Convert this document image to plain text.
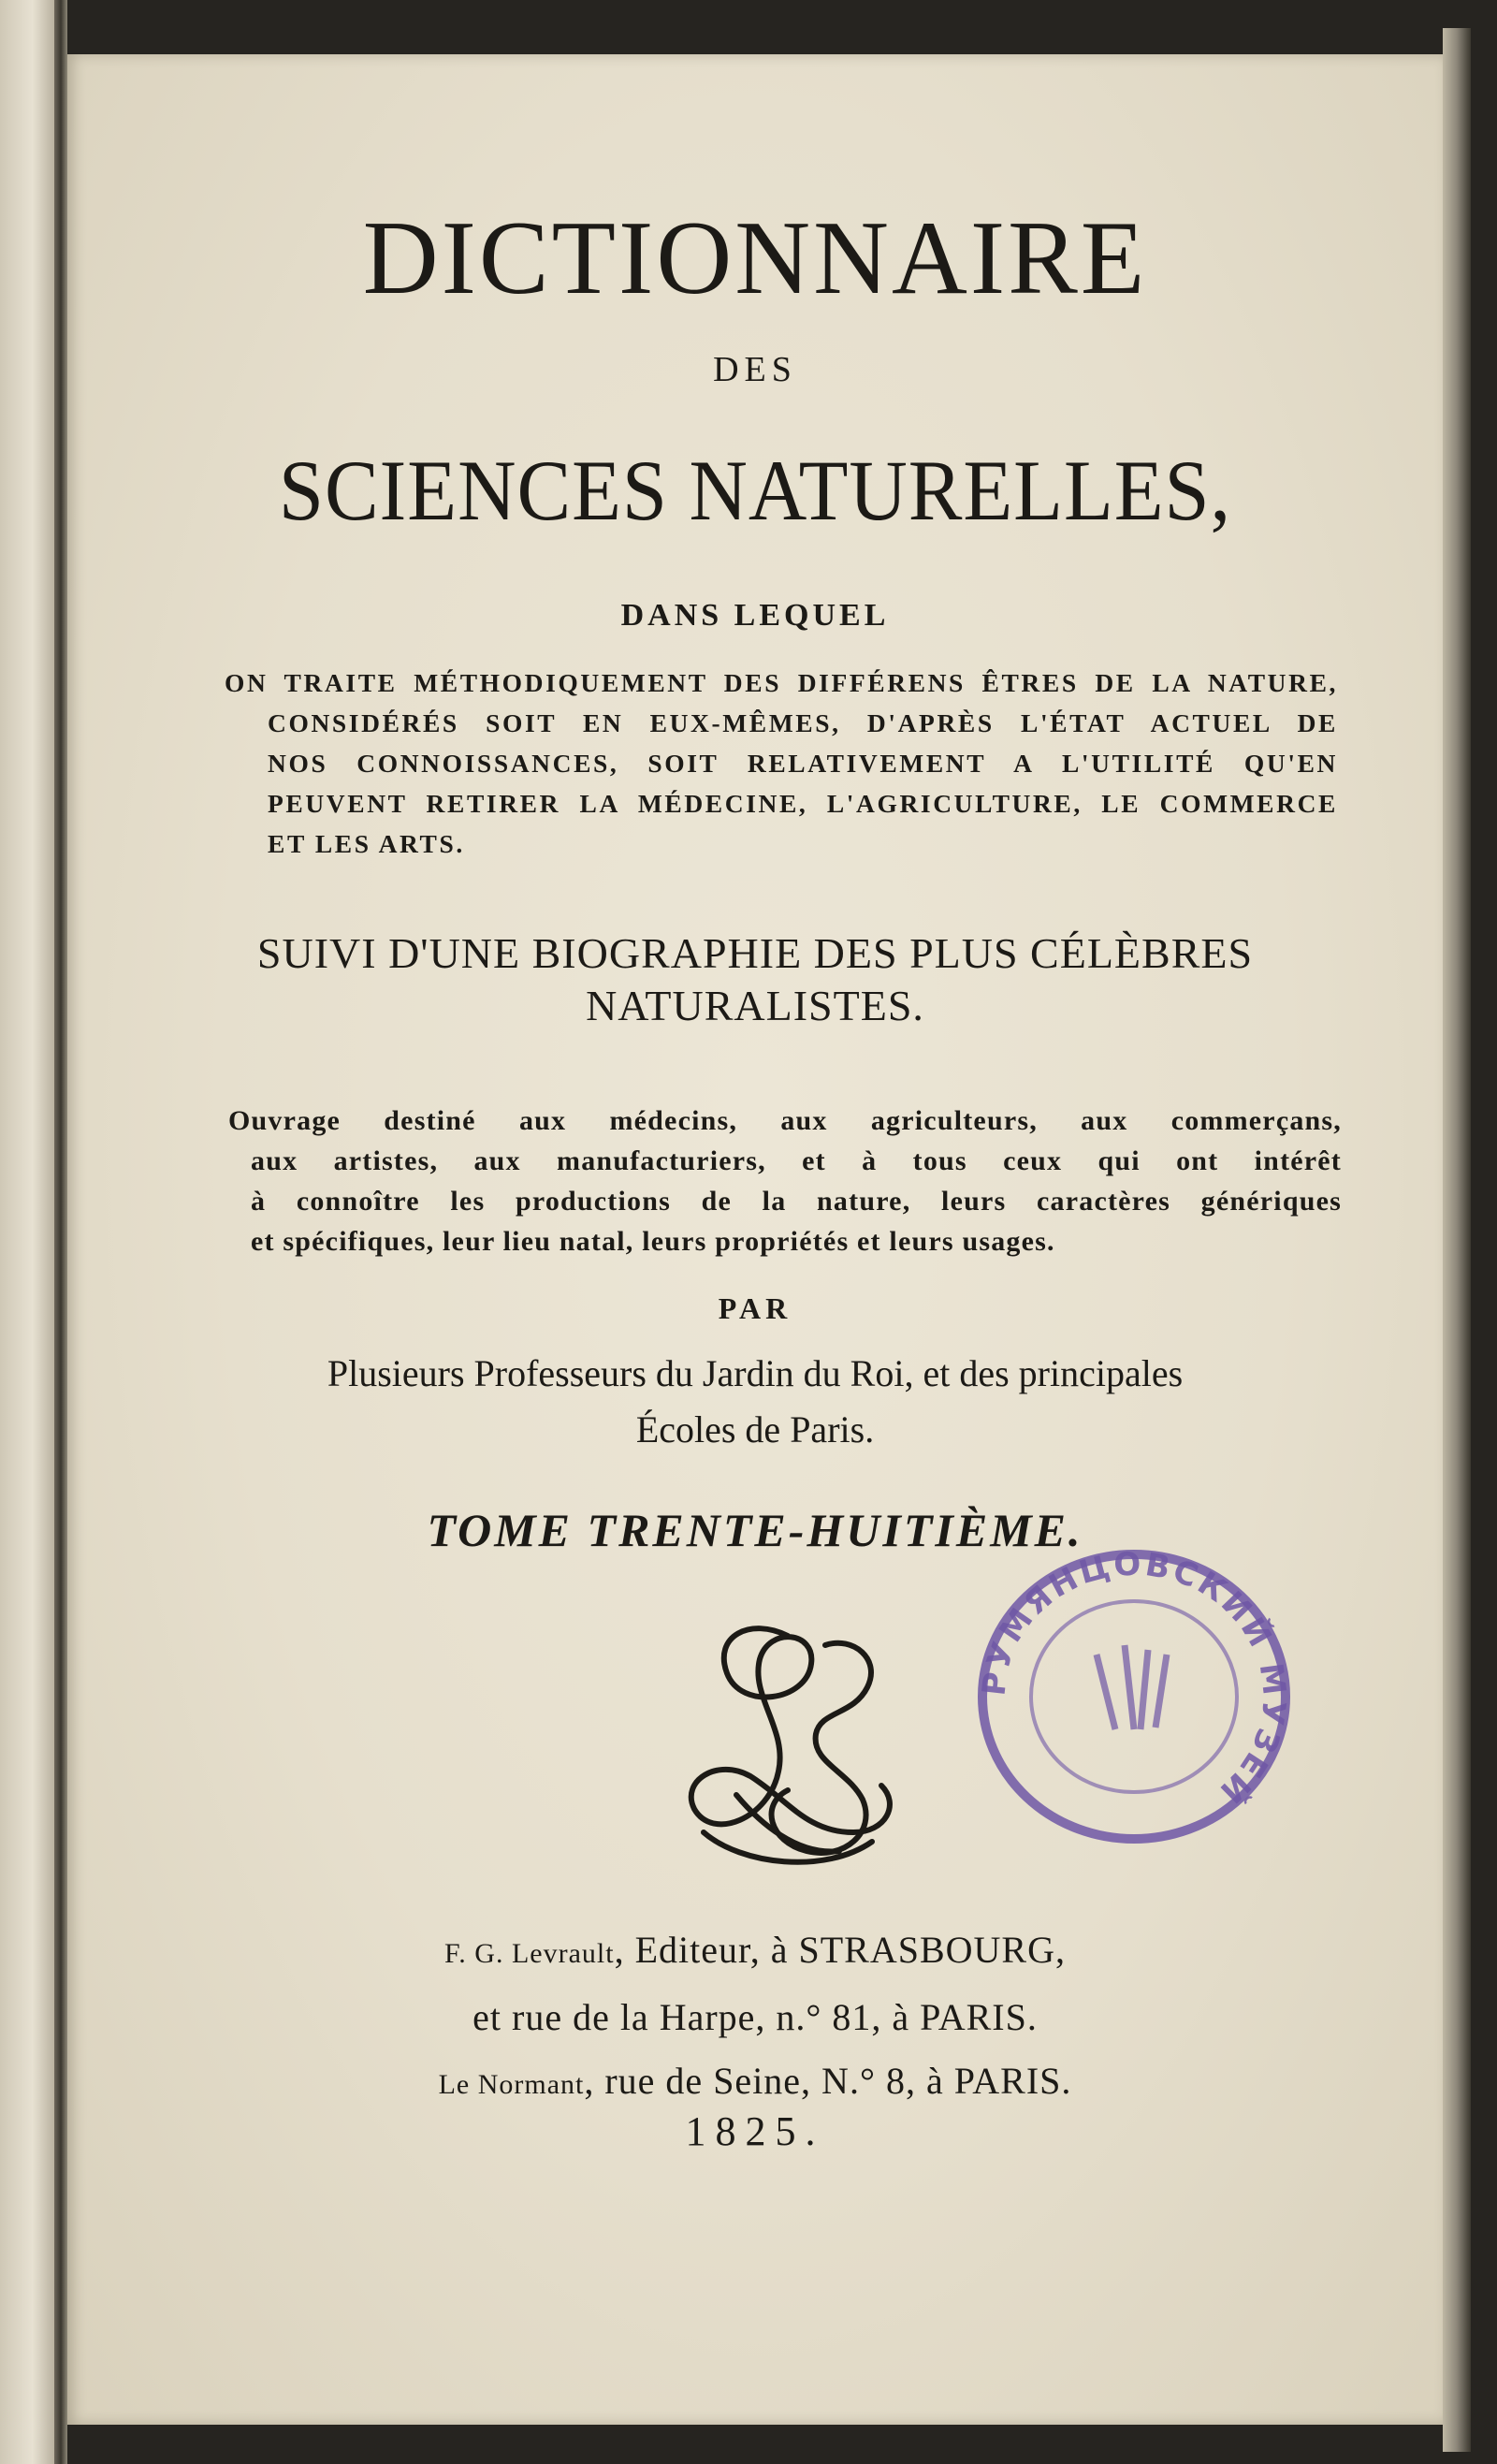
DICTIONNAIRE
DES
SCIENCES NATURELLES,
DANS LEQUEL
ON TRAITE MÉTHODIQUEMENT DES DIFFÉRENS ÊTRES DE LA NATURE,
CONSIDÉRÉS SOIT EN EUX-MÊMES, D'APRÈS L'ÉTAT ACTUEL DE
NOS CONNOISSANCES, SOIT RELATIVEMENT A L'UTILITÉ QU'EN
PEUVENT RETIRER LA MÉDECINE, L'AGRICULTURE, LE COMMERCE
ET LES ARTS.
SUIVI D'UNE BIOGRAPHIE DES PLUS CÉLÈBRES
NATURALISTES.
Ouvrage destiné aux médecins, aux agriculteurs, aux commerçans,
aux artistes, aux manufacturiers, et à tous ceux qui ont intérêt
à connoître les productions de la nature, leurs caractères génériques
et spécifiques, leur lieu natal, leurs propriétés et leurs usages.
PAR
Plusieurs Professeurs du Jardin du Roi, et des principales
Écoles de Paris.
TOME TRENTE-HUITIÈME.
РУМЯНЦОВСКИЙ МУЗЕЙ
F. G. Levrault, Editeur, à STRASBOURG,
et rue de la Harpe, n.° 81, à PARIS.
Le Normant, rue de Seine, N.° 8, à PARIS.
1825.
